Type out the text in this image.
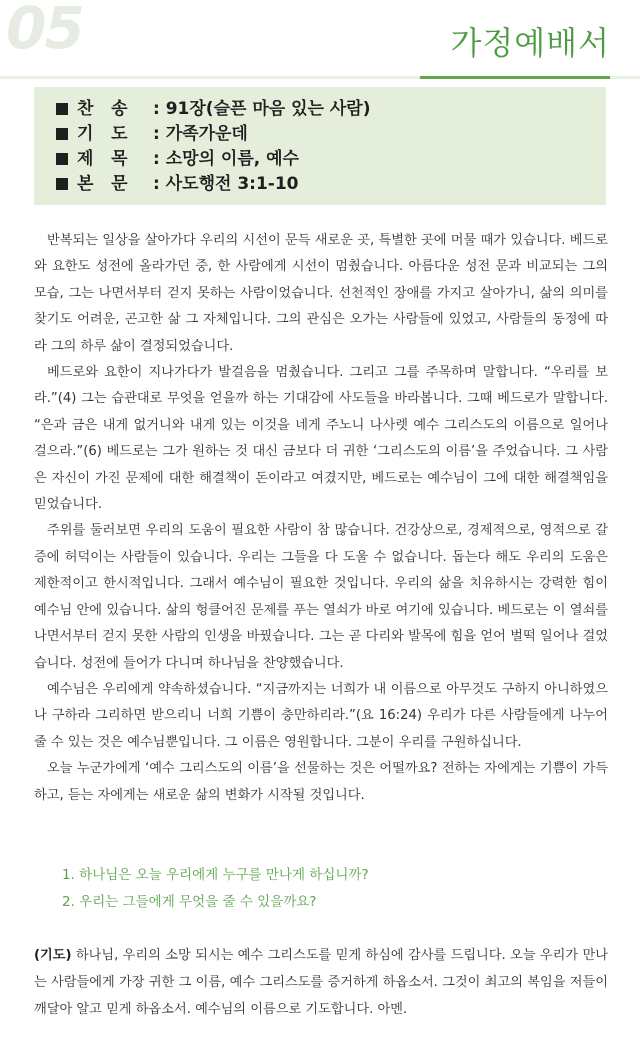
05	가정예배서
찬   송 : 91장(슬픈 마음 있는 사람)
기   도 : 가족가운데
제   목 : 소망의 이름, 예수
본   문 : 사도행전 3:1-10

반복되는 일상을 살아가다 우리의 시선이 문득 새로운 곳, 특별한 곳에 머물 때가 있습니다. 베드로와 요한도 성전에 올라가던 중, 한 사람에게 시선이 멈췄습니다. 아름다운 성전 문과 비교되는 그의 모습, 그는 나면서부터 걷지 못하는 사람이었습니다. 선천적인 장애를 가지고 살아가니, 삶의 의미를 찾기도 어려운, 곤고한 삶 그 자체입니다. 그의 관심은 오가는 사람들에 있었고, 사람들의 동정에 따라 그의 하루 삶이 결정되었습니다.

베드로와 요한이 지나가다가 발걸음을 멈췄습니다. 그리고 그를 주목하며 말합니다. “우리를 보라.”(4) 그는 습관대로 무엇을 얻을까 하는 기대감에 사도들을 바라봅니다. 그때 베드로가 말합니다. “은과 금은 내게 없거니와 내게 있는 이것을 네게 주노니 나사렛 예수 그리스도의 이름으로 일어나 걸으라.”(6) 베드로는 그가 원하는 것 대신 금보다 더 귀한 ‘그리스도의 이름’을 주었습니다. 그 사람은 자신이 가진 문제에 대한 해결책이 돈이라고 여겼지만, 베드로는 예수님이 그에 대한 해결책임을 믿었습니다.

주위를 둘러보면 우리의 도움이 필요한 사람이 참 많습니다. 건강상으로, 경제적으로, 영적으로 갈증에 허덕이는 사람들이 있습니다. 우리는 그들을 다 도울 수 없습니다. 돕는다 해도 우리의 도움은 제한적이고 한시적입니다. 그래서 예수님이 필요한 것입니다. 우리의 삶을 치유하시는 강력한 힘이 예수님 안에 있습니다. 삶의 헝클어진 문제를 푸는 열쇠가 바로 여기에 있습니다. 베드로는 이 열쇠를 나면서부터 걷지 못한 사람의 인생을 바꿨습니다. 그는 곧 다리와 발목에 힘을 얻어 벌떡 일어나 걸었습니다. 성전에 들어가 다니며 하나님을 찬양했습니다.

예수님은 우리에게 약속하셨습니다. “지금까지는 너희가 내 이름으로 아무것도 구하지 아니하였으나 구하라 그리하면 받으리니 너희 기쁨이 충만하리라.”(요 16:24) 우리가 다른 사람들에게 나누어 줄 수 있는 것은 예수님뿐입니다. 그 이름은 영원합니다. 그분이 우리를 구원하십니다.

오늘 누군가에게 ‘예수 그리스도의 이름’을 선물하는 것은 어떨까요? 전하는 자에게는 기쁨이 가득하고, 듣는 자에게는 새로운 삶의 변화가 시작될 것입니다.

1. 하나님은 오늘 우리에게 누구를 만나게 하십니까?
2. 우리는 그들에게 무엇을 줄 수 있을까요?
(기도) 하나님, 우리의 소망 되시는 예수 그리스도를 믿게 하심에 감사를 드립니다. 오늘 우리가 만나는 사람들에게 가장 귀한 그 이름, 예수 그리스도를 증거하게 하옵소서. 그것이 최고의 복임을 저들이 깨달아 알고 믿게 하옵소서. 예수님의 이름으로 기도합니다. 아멘.
